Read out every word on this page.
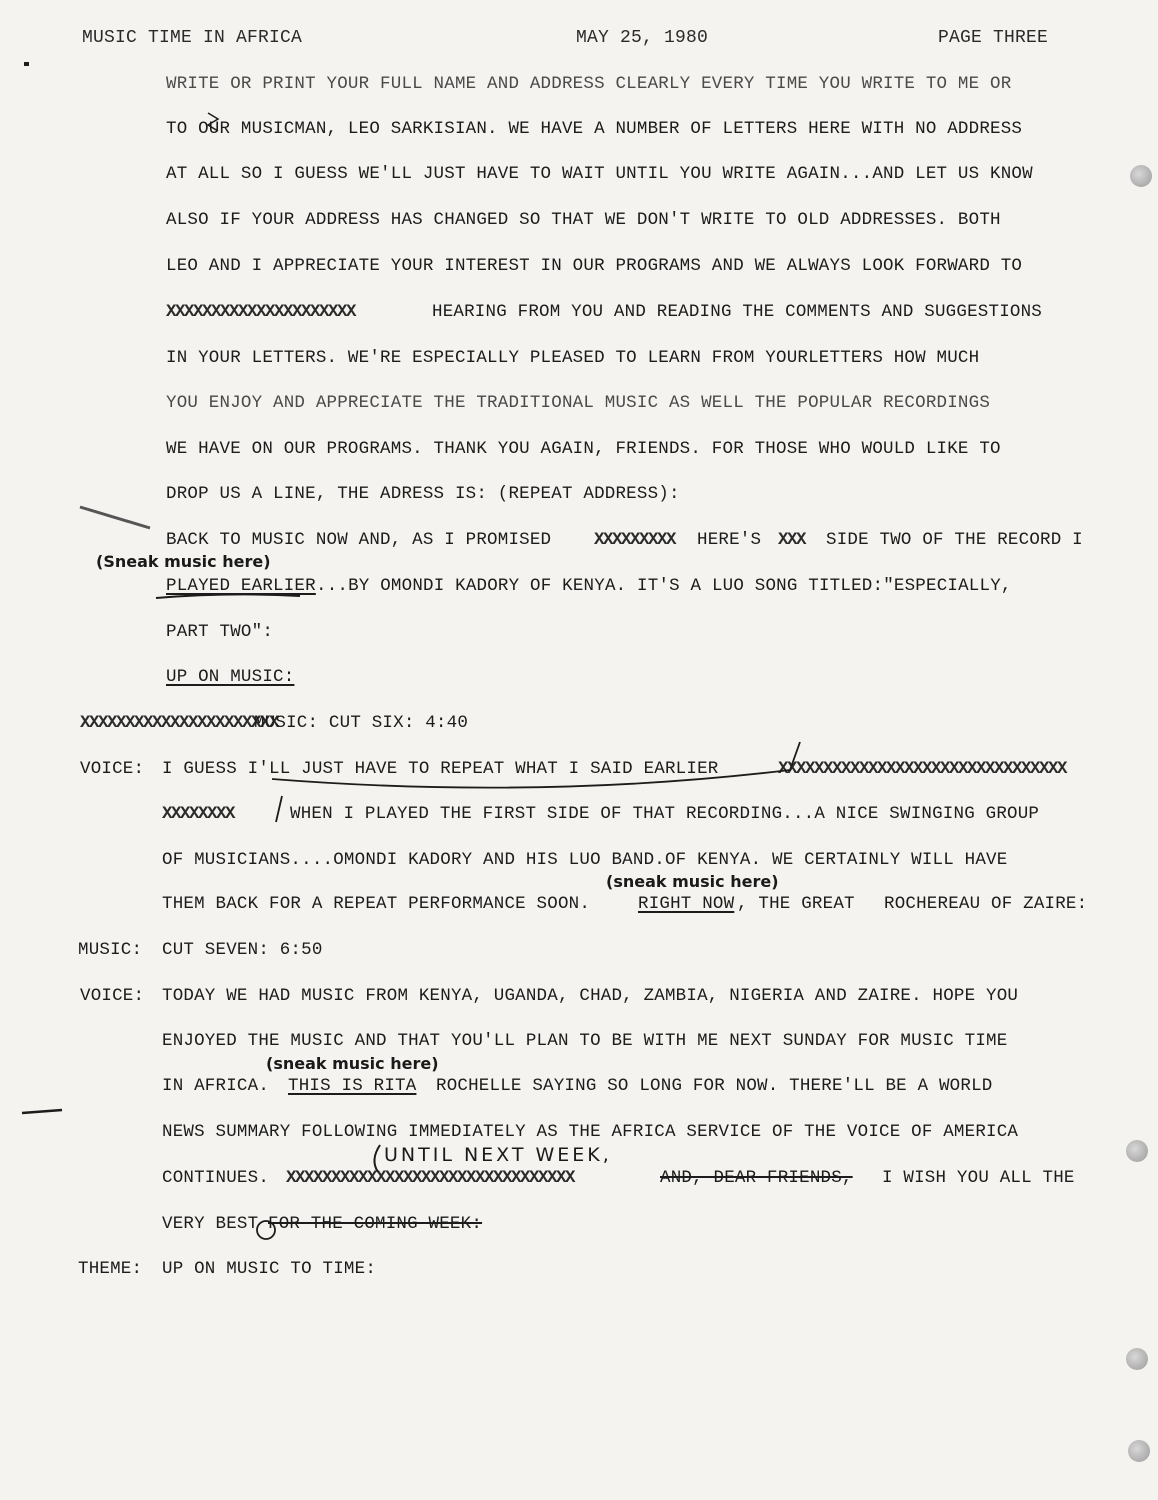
MUSIC TIME IN AFRICA	MAY 25, 1980	PAGE THREE
WRITE OR PRINT YOUR FULL NAME AND ADDRESS CLEARLY EVERY TIME YOU WRITE TO ME OR
TO OUR MUSICMAN, LEO SARKISIAN. WE HAVE A NUMBER OF LETTERS HERE WITH NO ADDRESS
AT ALL SO I GUESS WE'LL JUST HAVE TO WAIT UNTIL YOU WRITE AGAIN...AND LET US KNOW
ALSO IF YOUR ADDRESS HAS CHANGED SO THAT WE DON'T WRITE TO OLD ADDRESSES. BOTH
LEO AND I APPRECIATE YOUR INTEREST IN OUR PROGRAMS AND WE ALWAYS LOOK FORWARD TO
XXXXXXXXXXXXXXXXXXXXX	HEARING FROM YOU AND READING THE COMMENTS AND SUGGESTIONS
IN YOUR LETTERS. WE'RE ESPECIALLY PLEASED TO LEARN FROM YOURLETTERS HOW MUCH
YOU ENJOY AND APPRECIATE THE TRADITIONAL MUSIC AS WELL THE POPULAR RECORDINGS
WE HAVE ON OUR PROGRAMS. THANK YOU AGAIN, FRIENDS. FOR THOSE WHO WOULD LIKE TO
DROP US A LINE, THE ADRESS IS: (REPEAT ADDRESS):
BACK TO MUSIC NOW AND, AS I PROMISED XXXXXXXXX HERE'S XXX SIDE TWO OF THE RECORD I
(Sneak music here)
PLAYED EARLIER ...BY OMONDI KADORY OF KENYA. IT'S A LUO SONG TITLED:"ESPECIALLY,
PART TWO":
UP ON MUSIC:
XXXXXXXXXXXXXXXXXXXXXX
MUSIC: CUT SIX: 4:40
VOICE: I GUESS I'LL JUST HAVE TO REPEAT WHAT I SAID EARLIER	XXXXXXXXXXXXXXXXXXXXXXXXXXXXXXXX
XXXXXXXX	WHEN I PLAYED THE FIRST SIDE OF THAT RECORDING...A NICE SWINGING GROUP
OF MUSICIANS....OMONDI KADORY AND HIS LUO BAND.OF KENYA. WE CERTAINLY WILL HAVE
(sneak music here)
THEM BACK FOR A REPEAT PERFORMANCE SOON.	RIGHT NOW , THE GREAT ROCHEREAU OF ZAIRE:
MUSIC: CUT SEVEN: 6:50
VOICE: TODAY WE HAD MUSIC FROM KENYA, UGANDA, CHAD, ZAMBIA, NIGERIA AND ZAIRE. HOPE YOU
ENJOYED THE MUSIC AND THAT YOU'LL PLAN TO BE WITH ME NEXT SUNDAY FOR MUSIC TIME
(sneak music here)
IN AFRICA. THIS IS RITA ROCHELLE SAYING SO LONG FOR NOW. THERE'LL BE A WORLD
NEWS SUMMARY FOLLOWING IMMEDIATELY AS THE AFRICA SERVICE OF THE VOICE OF AMERICA
UNTIL NEXT WEEK,
CONTINUES. XXXXXXXXXXXXXXXXXXXXXXXXXXXXXXXX	AND, DEAR FRIENDS, I WISH YOU ALL THE
VERY BEST FOR THE COMING WEEK:
THEME: UP ON MUSIC TO TIME:
